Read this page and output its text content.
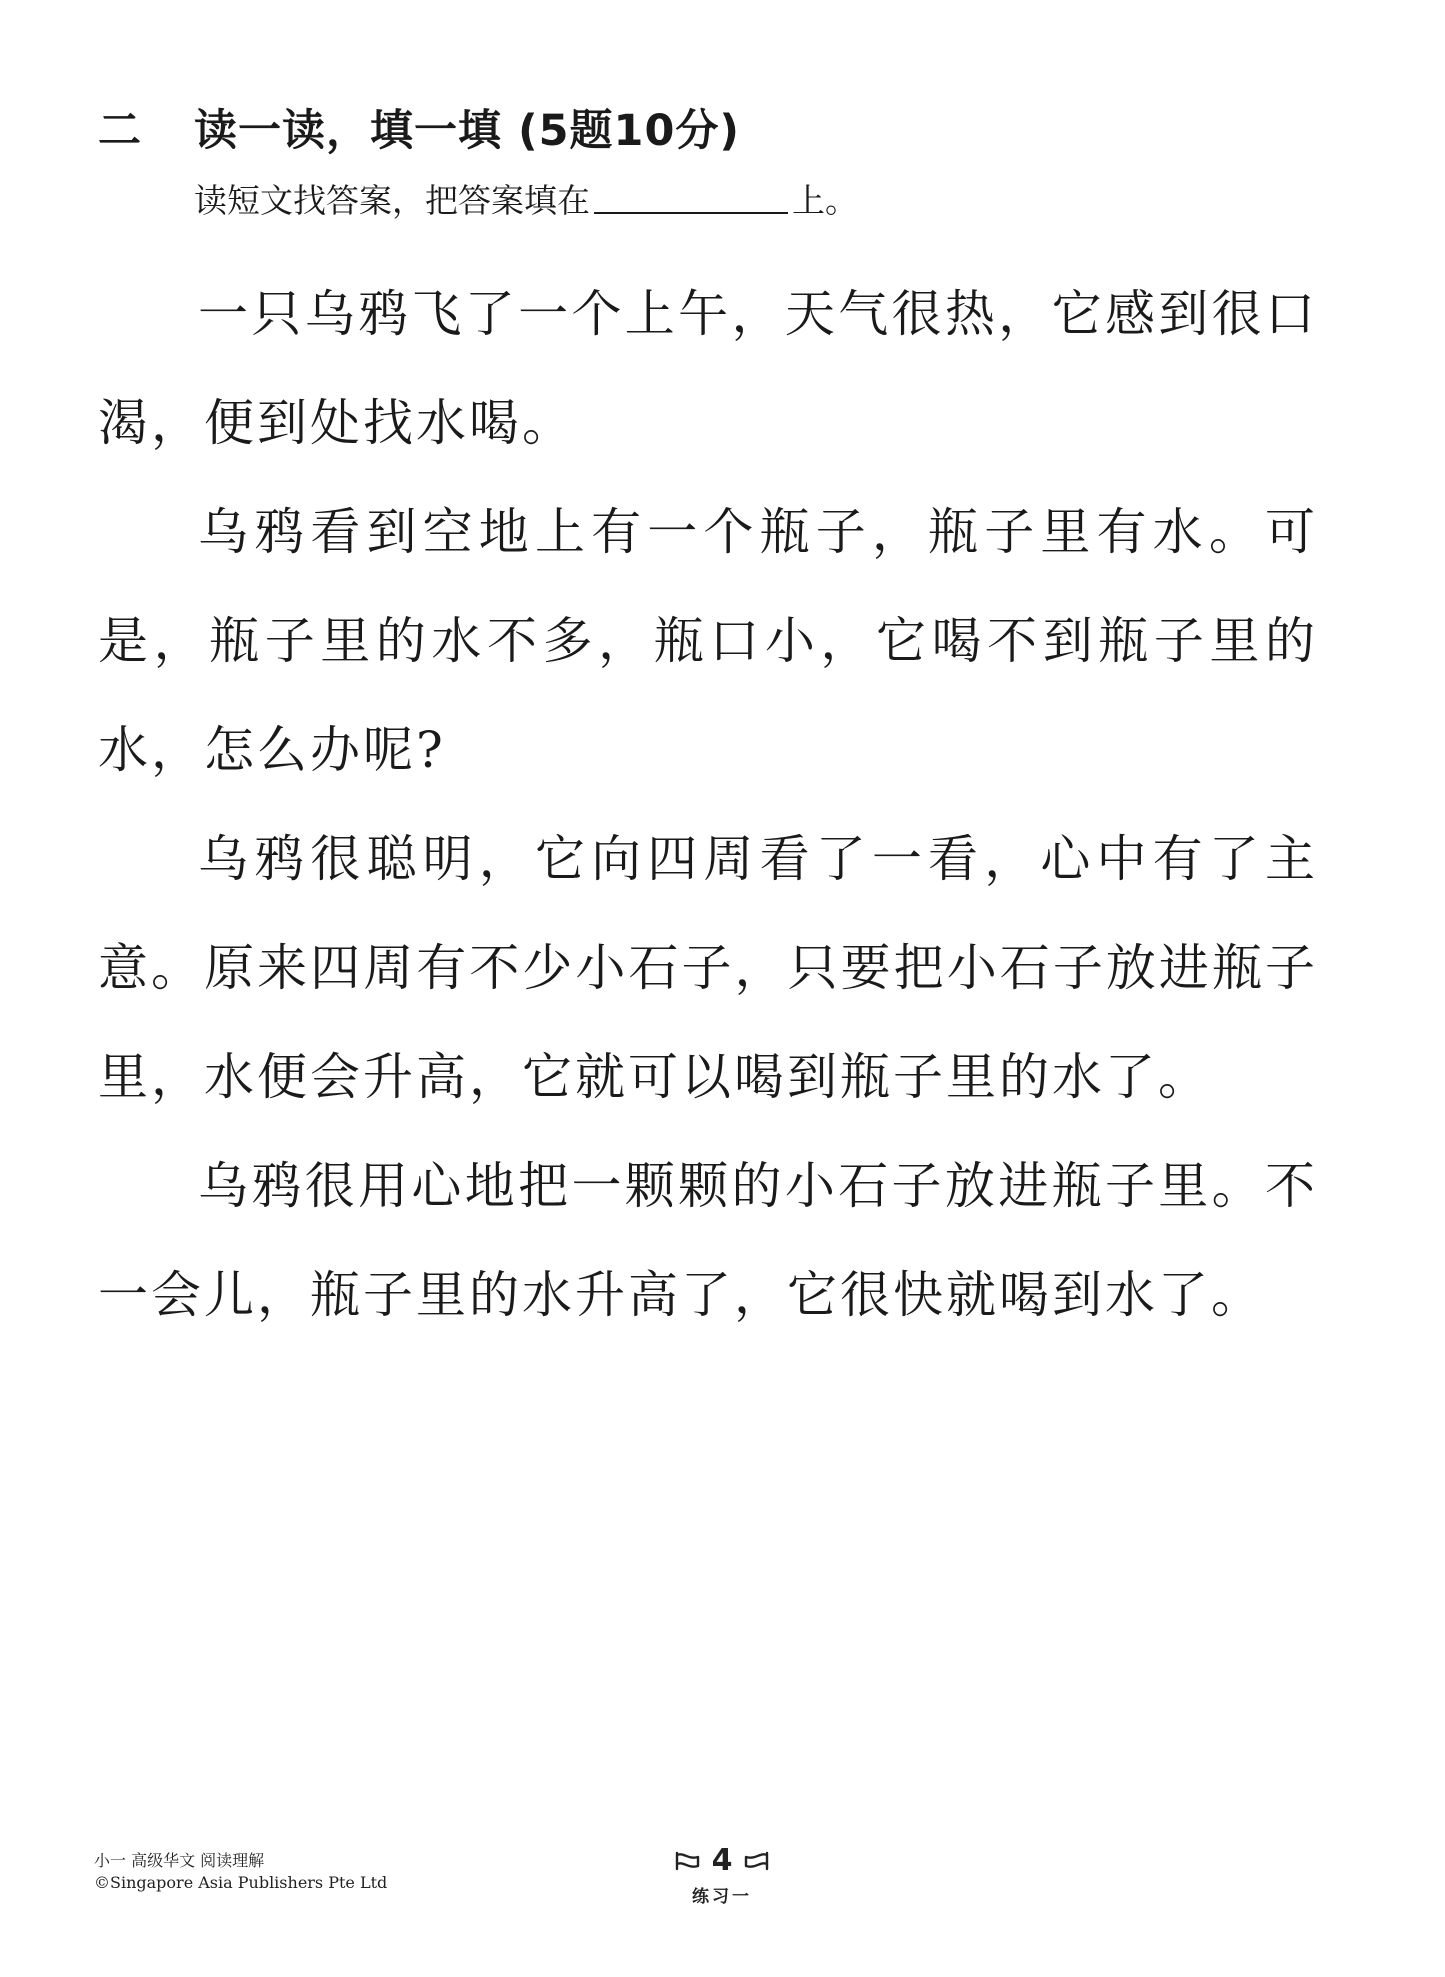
二	读一读，填一填 (5题10分)
读短文找答案，把答案填在	上。

一只乌鸦飞了一个上午，天气很热，它感到很口渴，便到处找水喝。

乌鸦看到空地上有一个瓶子，瓶子里有水。可是，瓶子里的水不多，瓶口小，它喝不到瓶子里的水，怎么办呢?

乌鸦很聪明，它向四周看了一看，心中有了主意。原来四周有不少小石子，只要把小石子放进瓶子里，水便会升高，它就可以喝到瓶子里的水了。

乌鸦很用心地把一颗颗的小石子放进瓶子里。不一会儿，瓶子里的水升高了，它很快就喝到水了。

小一 高级华文 阅读理解
©Singapore Asia Publishers Pte Ltd
4
练习一
